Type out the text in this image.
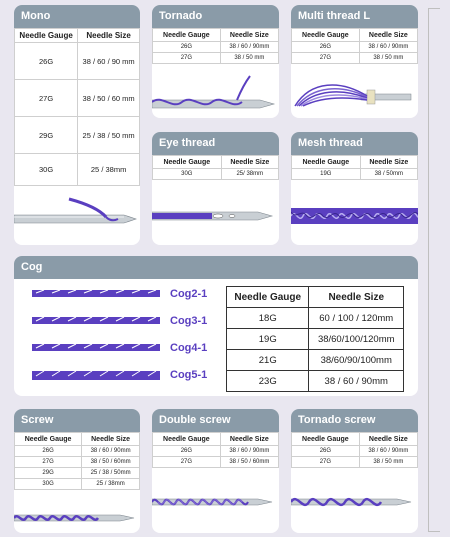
Mono
Needle Gauge	Needle Size
26G	38 / 60 / 90 mm
27G	38 / 50 / 60 mm
29G	25 / 38 / 50 mm
30G	25 / 38mm
Tornado
Needle Gauge	Needle Size
26G	38 / 60 / 90mm
27G	38 / 50 mm
Multi thread L
Needle Gauge	Needle Size
26G	38 / 60 / 90mm
27G	38 / 50 mm
Eye thread
Needle Gauge	Needle Size
30G	25/ 38mm
Mesh thread
Needle Gauge	Needle Size
19G	38 / 50mm
Cog
Cog2-1
Cog3-1
Cog4-1
Cog5-1
Needle Gauge	Needle Size
18G	60 / 100 / 120mm
19G	38/60/100/120mm
21G	38/60/90/100mm
23G	38 / 60 / 90mm
Screw
Needle Gauge	Needle Size
26G	38 / 60 / 90mm
27G	38 / 50 / 60mm
29G	25 / 38 / 50mm
30G	25 / 38mm
Double screw
Needle Gauge	Needle Size
26G	38 / 60 / 90mm
27G	38 / 50 / 60mm
Tornado screw
Needle Gauge	Needle Size
26G	38 / 60 / 90mm
27G	38 / 50 mm
